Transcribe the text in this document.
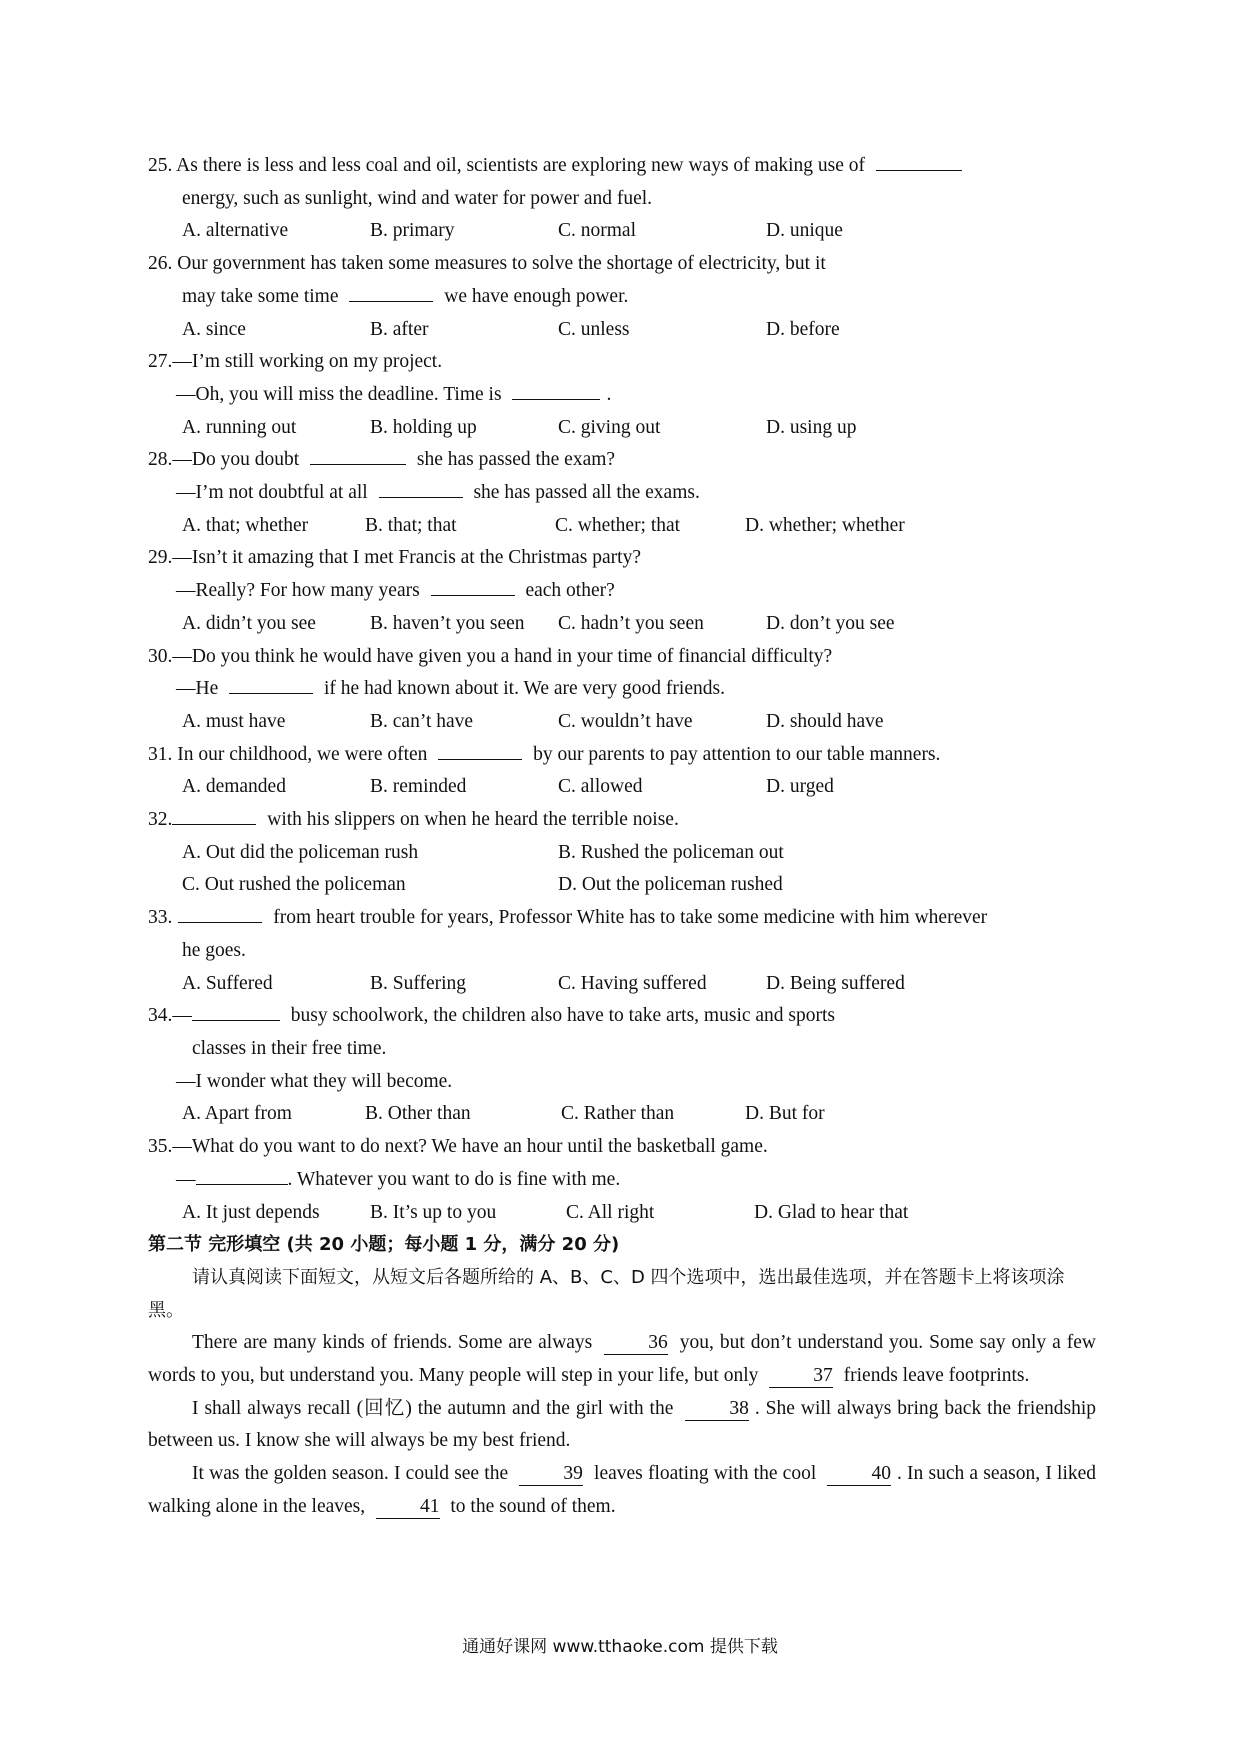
25. As there is less and less coal and oil, scientists are exploring new ways of making use of
energy, such as sunlight, wind and water for power and fuel.
A. alternative	B. primary	C. normal	D. unique
26. Our government has taken some measures to solve the shortage of electricity, but it
may take some time	we have enough power.
A. since	B. after	C. unless	D. before
27.—I’m still working on my project.
—Oh, you will miss the deadline. Time is	.
A. running out	B. holding up	C. giving out	D. using up
28.—Do you doubt	she has passed the exam?
—I’m not doubtful at all	she has passed all the exams.
A. that; whether	B. that; that	C. whether; that	D. whether; whether
29.—Isn’t it amazing that I met Francis at the Christmas party?
—Really? For how many years	each other?
A. didn’t you see	B. haven’t you seen	C. hadn’t you seen	D. don’t you see
30.—Do you think he would have given you a hand in your time of financial difficulty?
—He	if he had known about it. We are very good friends.
A. must have	B. can’t have	C. wouldn’t have	D. should have
31. In our childhood, we were often	by our parents to pay attention to our table manners.
A. demanded	B. reminded	C. allowed	D. urged
32.	with his slippers on when he heard the terrible noise.
A. Out did the policeman rush	B. Rushed the policeman out
C. Out rushed the policeman	D. Out the policeman rushed
33.	from heart trouble for years, Professor White has to take some medicine with him wherever
he goes.
A. Suffered	B. Suffering	C. Having suffered	D. Being suffered
34.—	busy schoolwork, the children also have to take arts, music and sports
classes in their free time.
—I wonder what they will become.
A. Apart from	B. Other than	C. Rather than	D. But for
35.—What do you want to do next? We have an hour until the basketball game.
—	. Whatever you want to do is fine with me.
A. It just depends	B. It’s up to you	C. All right	D. Glad to hear that
第二节 完形填空 (共 20 小题；每小题 1 分，满分 20 分)
请认真阅读下面短文，从短文后各题所给的 A、B、C、D 四个选项中，选出最佳选项，并在答题卡上将该项涂黑。
There are many kinds of friends. Some are always	36 you, but don’t understand you. Some say only a few words to you, but understand you. Many people will step in your life, but only	37 friends leave footprints.
I shall always recall (回忆) the autumn and the girl with the	38 . She will always bring back the friendship between us. I know she will always be my best friend.
It was the golden season. I could see the	39 leaves floating with the cool	40 . In such a season, I liked walking alone in the leaves,	41 to the sound of them.
通通好课网 www.tthaoke.com 提供下载
